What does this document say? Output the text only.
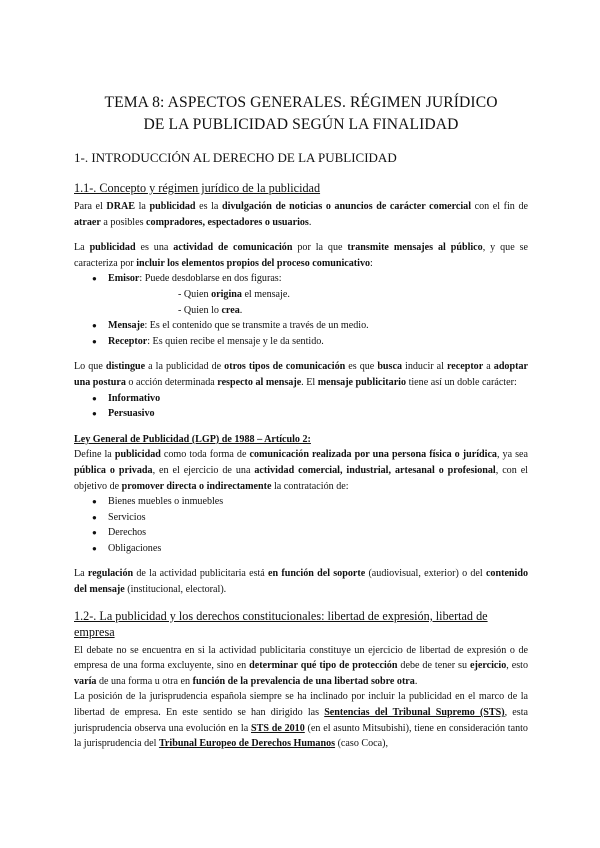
TEMA 8: ASPECTOS GENERALES. RÉGIMEN JURÍDICO
DE LA PUBLICIDAD SEGÚN LA FINALIDAD
1-. INTRODUCCIÓN AL DERECHO DE LA PUBLICIDAD
1.1-. Concepto y régimen jurídico de la publicidad

Para el DRAE la publicidad es la divulgación de noticias o anuncios de carácter comercial con el fin de atraer a posibles compradores, espectadores o usuarios.

La publicidad es una actividad de comunicación por la que transmite mensajes al público, y que se caracteriza por incluir los elementos propios del proceso comunicativo:

● Emisor: Puede desdoblarse en dos figuras:
- Quien origina el mensaje.
- Quien lo crea.
● Mensaje: Es el contenido que se transmite a través de un medio.
● Receptor: Es quien recibe el mensaje y le da sentido.

Lo que distingue a la publicidad de otros tipos de comunicación es que busca inducir al receptor a adoptar una postura o acción determinada respecto al mensaje. El mensaje publicitario tiene así un doble carácter:

● Informativo
● Persuasivo

Ley General de Publicidad (LGP) de 1988 – Artículo 2:

Define la publicidad como toda forma de comunicación realizada por una persona física o jurídica, ya sea pública o privada, en el ejercicio de una actividad comercial, industrial, artesanal o profesional, con el objetivo de promover directa o indirectamente la contratación de:

● Bienes muebles o inmuebles
● Servicios
● Derechos
● Obligaciones

La regulación de la actividad publicitaria está en función del soporte (audiovisual, exterior) o del contenido del mensaje (institucional, electoral).

1.2-. La publicidad y los derechos constitucionales: libertad de expresión, libertad de empresa

El debate no se encuentra en si la actividad publicitaria constituye un ejercicio de libertad de expresión o de empresa de una forma excluyente, sino en determinar qué tipo de protección debe de tener su ejercicio, esto varía de una forma u otra en función de la prevalencia de una libertad sobre otra.

La posición de la jurisprudencia española siempre se ha inclinado por incluir la publicidad en el marco de la libertad de empresa. En este sentido se han dirigido las Sentencias del Tribunal Supremo (STS), esta jurisprudencia observa una evolución en la STS de 2010 (en el asunto Mitsubishi), tiene en consideración tanto la jurisprudencia del Tribunal Europeo de Derechos Humanos (caso Coca),
